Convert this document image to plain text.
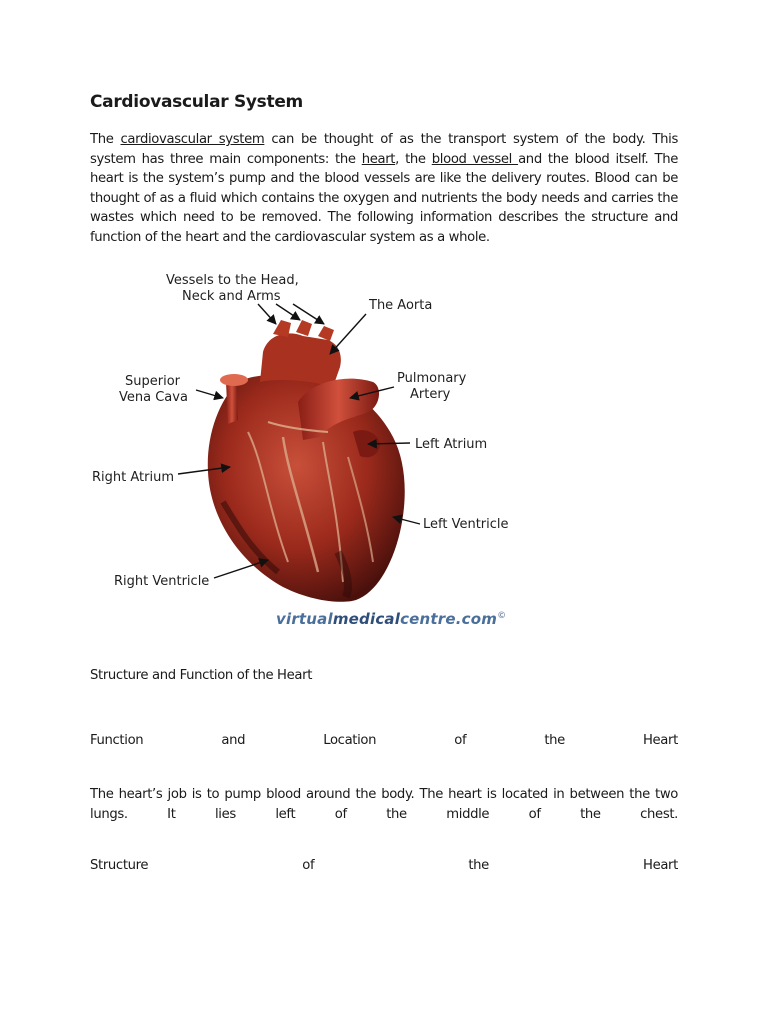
Cardiovascular System

The cardiovascular system can be thought of as the transport system of the body. This system has three main components: the heart, the blood vessel and the blood itself. The heart is the system’s pump and the blood vessels are like the delivery routes. Blood can be thought of as a fluid which contains the oxygen and nutrients the body needs and carries the wastes which need to be removed. The following information describes the structure and function of the heart and the cardiovascular system as a whole.

Vessels to the Head,
Neck and Arms
The Aorta
Superior
Vena Cava
Pulmonary
Artery
Left Atrium
Right Atrium
Left Ventricle
Right Ventricle
virtualmedicalcentre.com©

Structure and Function of the Heart

Function	and	Location	of	the	Heart

The heart’s job is to pump blood around the body. The heart is located in between the two lungs. It lies left of the middle of the chest.

Structure	of	the	Heart
